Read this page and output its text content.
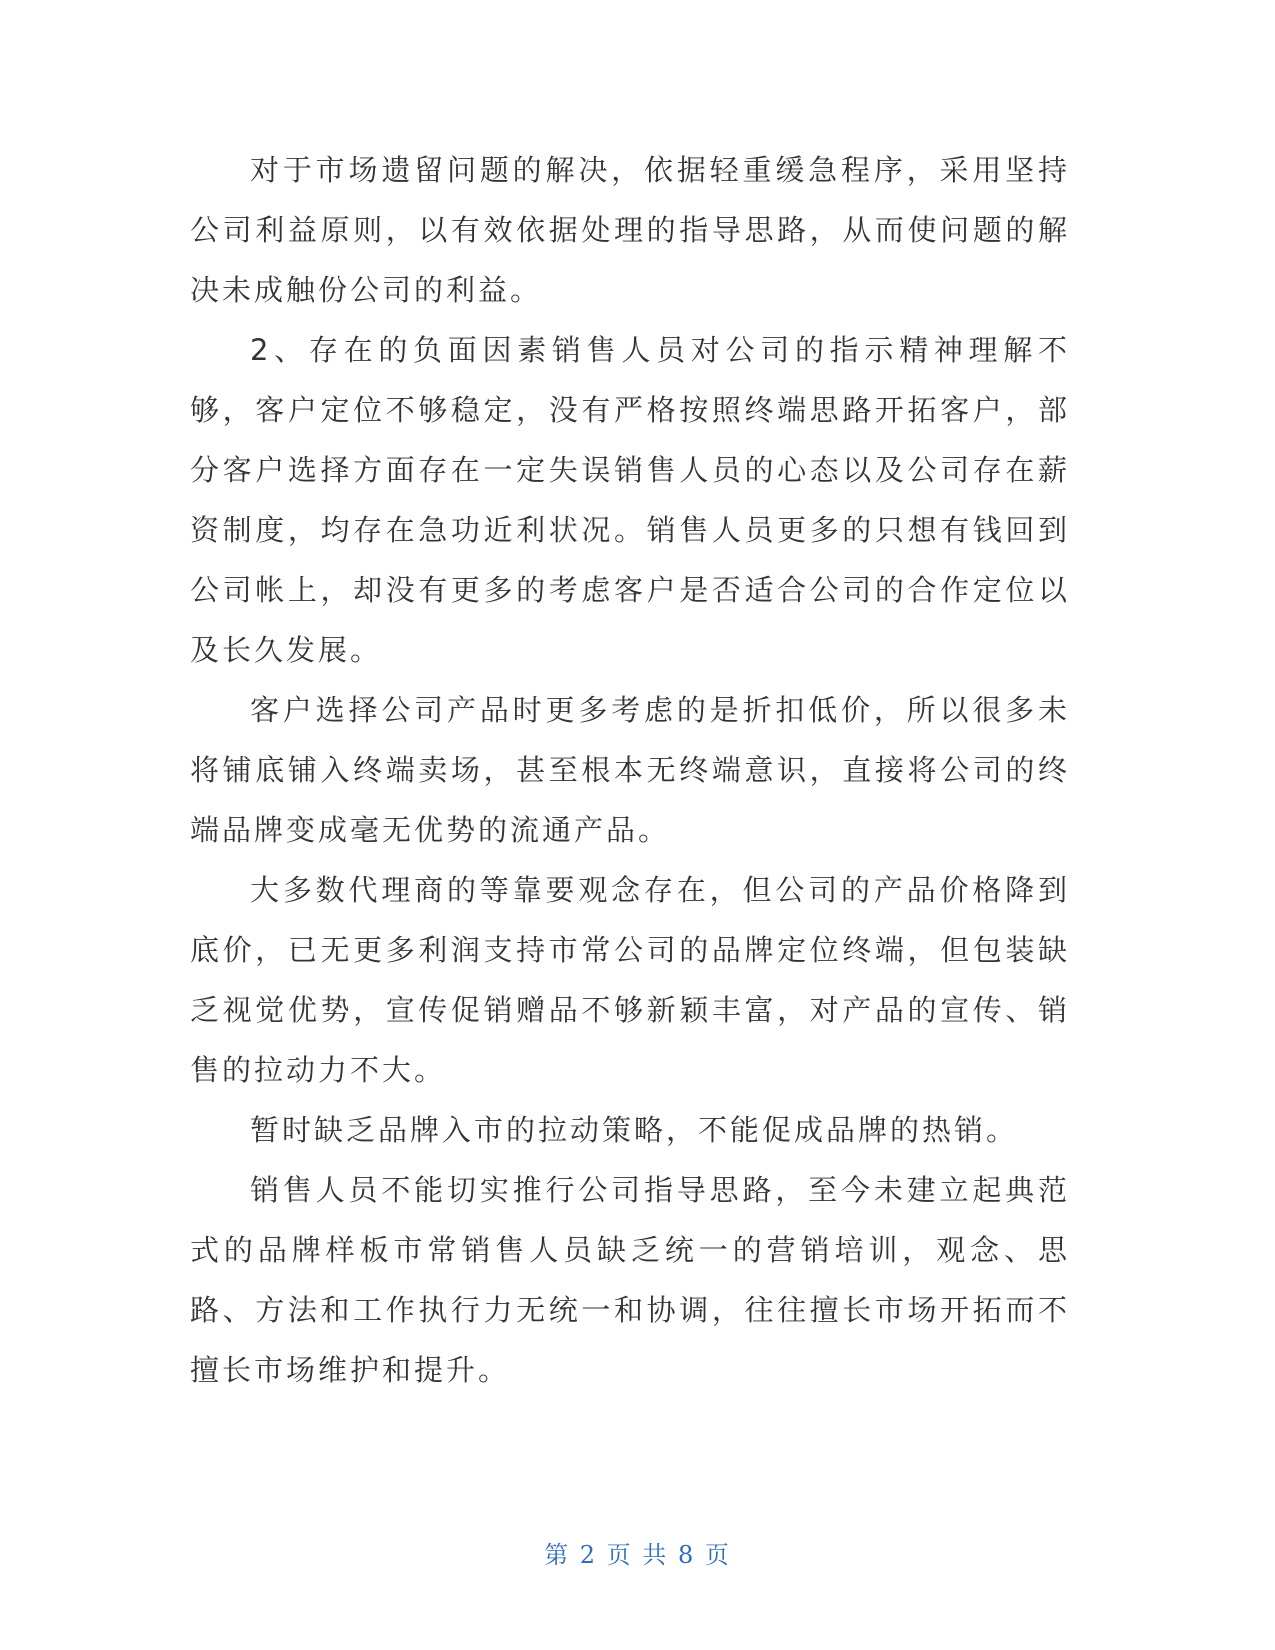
对于市场遗留问题的解决，依据轻重缓急程序，采用坚持公司利益原则，以有效依据处理的指导思路，从而使问题的解决未成触份公司的利益。

2、存在的负面因素销售人员对公司的指示精神理解不够，客户定位不够稳定，没有严格按照终端思路开拓客户，部分客户选择方面存在一定失误销售人员的心态以及公司存在薪资制度，均存在急功近利状况。销售人员更多的只想有钱回到公司帐上，却没有更多的考虑客户是否适合公司的合作定位以及长久发展。

客户选择公司产品时更多考虑的是折扣低价，所以很多未将铺底铺入终端卖场，甚至根本无终端意识，直接将公司的终端品牌变成毫无优势的流通产品。

大多数代理商的等靠要观念存在，但公司的产品价格降到底价，已无更多利润支持市常公司的品牌定位终端，但包装缺乏视觉优势，宣传促销赠品不够新颖丰富，对产品的宣传、销售的拉动力不大。

暂时缺乏品牌入市的拉动策略，不能促成品牌的热销。

销售人员不能切实推行公司指导思路，至今未建立起典范式的品牌样板市常销售人员缺乏统一的营销培训，观念、思路、方法和工作执行力无统一和协调，往往擅长市场开拓而不擅长市场维护和提升。

第 2 页 共 8 页
